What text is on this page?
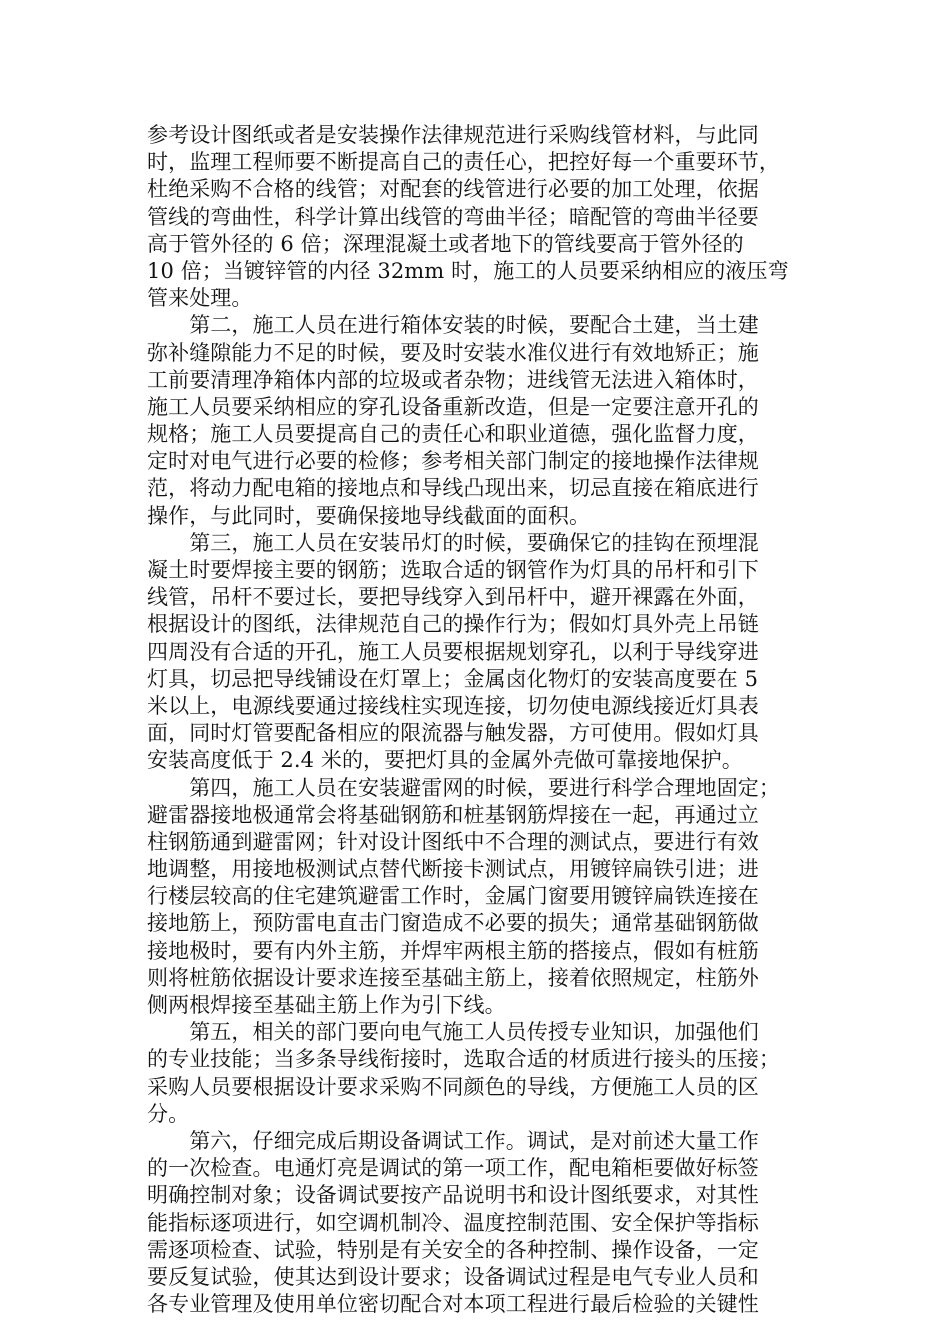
参考设计图纸或者是安装操作法律规范进行采购线管材料，与此同
时，监理工程师要不断提高自己的责任心，把控好每一个重要环节，
杜绝采购不合格的线管；对配套的线管进行必要的加工处理，依据
管线的弯曲性，科学计算出线管的弯曲半径；暗配管的弯曲半径要
高于管外径的 6 倍；深理混凝土或者地下的管线要高于管外径的
10 倍；当镀锌管的内径 32mm 时，施工的人员要采纳相应的液压弯
管来处理。
　　第二，施工人员在进行箱体安装的时候，要配合土建，当土建
弥补缝隙能力不足的时候，要及时安装水准仪进行有效地矫正；施
工前要清理净箱体内部的垃圾或者杂物；进线管无法进入箱体时，
施工人员要采纳相应的穿孔设备重新改造，但是一定要注意开孔的
规格；施工人员要提高自己的责任心和职业道德，强化监督力度，
定时对电气进行必要的检修；参考相关部门制定的接地操作法律规
范，将动力配电箱的接地点和导线凸现出来，切忌直接在箱底进行
操作，与此同时，要确保接地导线截面的面积。
　　第三，施工人员在安装吊灯的时候，要确保它的挂钩在预埋混
凝土时要焊接主要的钢筋；选取合适的钢管作为灯具的吊杆和引下
线管，吊杆不要过长，要把导线穿入到吊杆中，避开裸露在外面，
根据设计的图纸，法律规范自己的操作行为；假如灯具外壳上吊链
四周没有合适的开孔，施工人员要根据规划穿孔，以利于导线穿进
灯具，切忌把导线铺设在灯罩上；金属卤化物灯的安装高度要在 5
米以上，电源线要通过接线柱实现连接，切勿使电源线接近灯具表
面，同时灯管要配备相应的限流器与触发器，方可使用。假如灯具
安装高度低于 2.4 米的，要把灯具的金属外壳做可靠接地保护。
　　第四，施工人员在安装避雷网的时候，要进行科学合理地固定；
避雷器接地极通常会将基础钢筋和桩基钢筋焊接在一起，再通过立
柱钢筋通到避雷网；针对设计图纸中不合理的测试点，要进行有效
地调整，用接地极测试点替代断接卡测试点，用镀锌扁铁引进；进
行楼层较高的住宅建筑避雷工作时，金属门窗要用镀锌扁铁连接在
接地筋上，预防雷电直击门窗造成不必要的损失；通常基础钢筋做
接地极时，要有内外主筋，并焊牢两根主筋的搭接点，假如有桩筋
则将桩筋依据设计要求连接至基础主筋上，接着依照规定，柱筋外
侧两根焊接至基础主筋上作为引下线。
　　第五，相关的部门要向电气施工人员传授专业知识，加强他们
的专业技能；当多条导线衔接时，选取合适的材质进行接头的压接；
采购人员要根据设计要求采购不同颜色的导线，方便施工人员的区
分。
　　第六，仔细完成后期设备调试工作。调试，是对前述大量工作
的一次检查。电通灯亮是调试的第一项工作，配电箱柜要做好标签
明确控制对象；设备调试要按产品说明书和设计图纸要求，对其性
能指标逐项进行，如空调机制冷、温度控制范围、安全保护等指标
需逐项检查、试验，特别是有关安全的各种控制、操作设备，一定
要反复试验，使其达到设计要求；设备调试过程是电气专业人员和
各专业管理及使用单位密切配合对本项工程进行最后检验的关键性
